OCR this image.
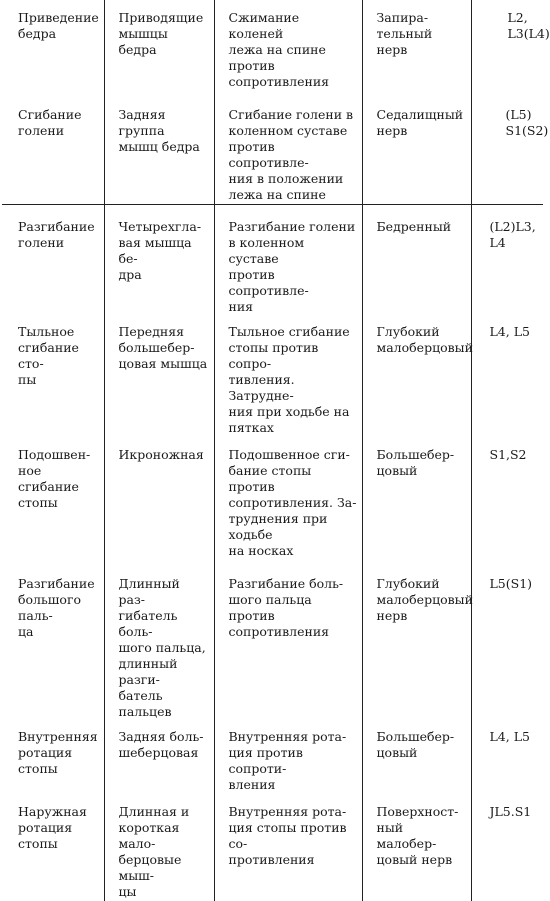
Приведение
бедра	Приводящие
мышцы бедра	Сжимание коленей
лежа на спине против
сопротивления	Запира-
тельный нерв	L2,
L3(L4)

Сгибание
голени	Задняя группа
мышц бедра	Сгибание голени в
коленном суставе
против сопротивле-
ния в положении
лежа на спине	Седалищный
нерв	(L5)
S1(S2)

Разгибание
голени	Четырехгла-
вая мышца бе-
дра	Разгибание голени
в коленном суставе
против сопротивле-
ния	Бедренный	(L2)L3,
L4

Тыльное
сгибание сто-
пы	Передняя
большебер-
цовая мышца	Тыльное сгибание
стопы против сопро-
тивления. Затрудне-
ния при ходьбе на
пятках	Глубокий
малоберцовый	L4, L5

Подошвен-
ное сгибание
стопы	Икроножная	Подошвенное сги-
бание стопы против
сопротивления. За-
труднения при ходьбе
на носках	Большебер-
цовый	S1,S2

Разгибание
большого паль-
ца	Длинный раз-
гибатель боль-
шого пальца,
длинный разги-
батель пальцев	Разгибание боль-
шого пальца против
сопротивления	Глубокий
малоберцовый
нерв	L5(S1)

Внутренняя
ротация стопы	Задняя боль-
шеберцовая	Внутренняя рота-
ция против сопроти-
вления	Большебер-
цовый	L4, L5

Наружная
ротация стопы	Длинная и
короткая мало-
берцовые мыш-
цы	Внутренняя рота-
ция стопы против со-
противления	Поверхност-
ный малобер-
цовый нерв	JL5.S1
